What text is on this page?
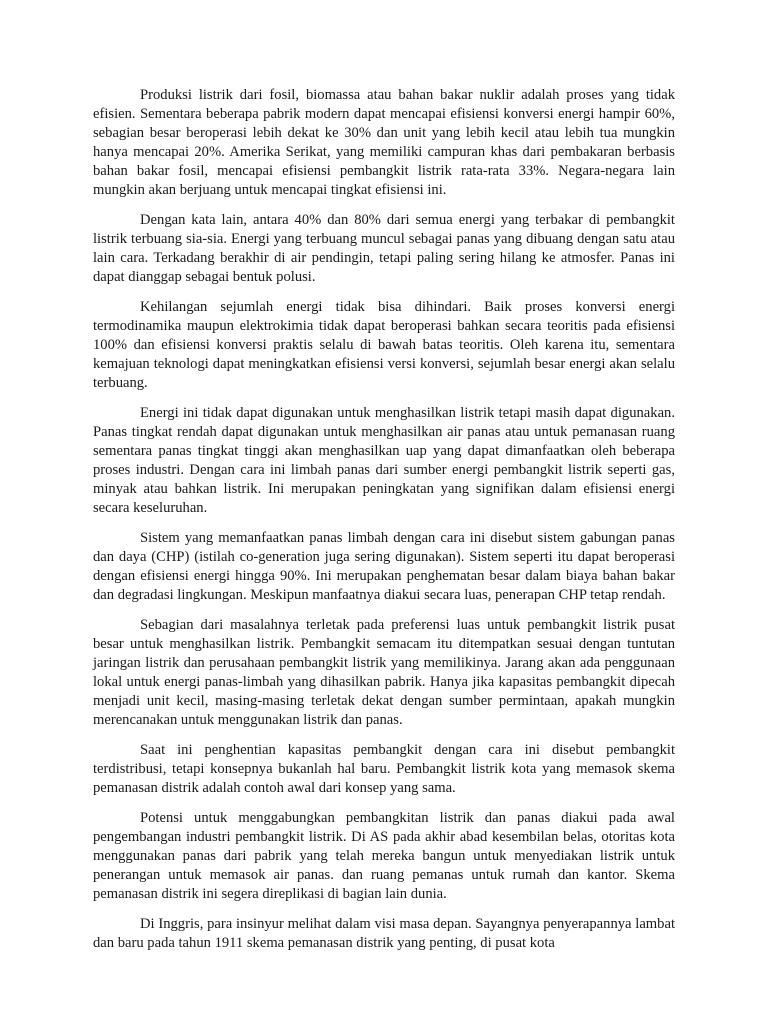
Produksi listrik dari fosil, biomassa atau bahan bakar nuklir adalah proses yang tidak efisien. Sementara beberapa pabrik modern dapat mencapai efisiensi konversi energi hampir 60%, sebagian besar beroperasi lebih dekat ke 30% dan unit yang lebih kecil atau lebih tua mungkin hanya mencapai 20%. Amerika Serikat, yang memiliki campuran khas dari pembakaran berbasis bahan bakar fosil, mencapai efisiensi pembangkit listrik rata-rata 33%. Negara-negara lain mungkin akan berjuang untuk mencapai tingkat efisiensi ini.

Dengan kata lain, antara 40% dan 80% dari semua energi yang terbakar di pembangkit listrik terbuang sia-sia. Energi yang terbuang muncul sebagai panas yang dibuang dengan satu atau lain cara. Terkadang berakhir di air pendingin, tetapi paling sering hilang ke atmosfer. Panas ini dapat dianggap sebagai bentuk polusi.

Kehilangan sejumlah energi tidak bisa dihindari. Baik proses konversi energi termodinamika maupun elektrokimia tidak dapat beroperasi bahkan secara teoritis pada efisiensi 100% dan efisiensi konversi praktis selalu di bawah batas teoritis. Oleh karena itu, sementara kemajuan teknologi dapat meningkatkan efisiensi versi konversi, sejumlah besar energi akan selalu terbuang.

Energi ini tidak dapat digunakan untuk menghasilkan listrik tetapi masih dapat digunakan. Panas tingkat rendah dapat digunakan untuk menghasilkan air panas atau untuk pemanasan ruang sementara panas tingkat tinggi akan menghasilkan uap yang dapat dimanfaatkan oleh beberapa proses industri. Dengan cara ini limbah panas dari sumber energi pembangkit listrik seperti gas, minyak atau bahkan listrik. Ini merupakan peningkatan yang signifikan dalam efisiensi energi secara keseluruhan.

Sistem yang memanfaatkan panas limbah dengan cara ini disebut sistem gabungan panas dan daya (CHP) (istilah co-generation juga sering digunakan). Sistem seperti itu dapat beroperasi dengan efisiensi energi hingga 90%. Ini merupakan penghematan besar dalam biaya bahan bakar dan degradasi lingkungan. Meskipun manfaatnya diakui secara luas, penerapan CHP tetap rendah.

Sebagian dari masalahnya terletak pada preferensi luas untuk pembangkit listrik pusat besar untuk menghasilkan listrik. Pembangkit semacam itu ditempatkan sesuai dengan tuntutan jaringan listrik dan perusahaan pembangkit listrik yang memilikinya. Jarang akan ada penggunaan lokal untuk energi panas-limbah yang dihasilkan pabrik. Hanya jika kapasitas pembangkit dipecah menjadi unit kecil, masing-masing terletak dekat dengan sumber permintaan, apakah mungkin merencanakan untuk menggunakan listrik dan panas.

Saat ini penghentian kapasitas pembangkit dengan cara ini disebut pembangkit terdistribusi, tetapi konsepnya bukanlah hal baru. Pembangkit listrik kota yang memasok skema pemanasan distrik adalah contoh awal dari konsep yang sama.

Potensi untuk menggabungkan pembangkitan listrik dan panas diakui pada awal pengembangan industri pembangkit listrik. Di AS pada akhir abad kesembilan belas, otoritas kota menggunakan panas dari pabrik yang telah mereka bangun untuk menyediakan listrik untuk penerangan untuk memasok air panas. dan ruang pemanas untuk rumah dan kantor. Skema pemanasan distrik ini segera direplikasi di bagian lain dunia.

Di Inggris, para insinyur melihat dalam visi masa depan. Sayangnya penyerapannya lambat dan baru pada tahun 1911 skema pemanasan distrik yang penting, di pusat kota
